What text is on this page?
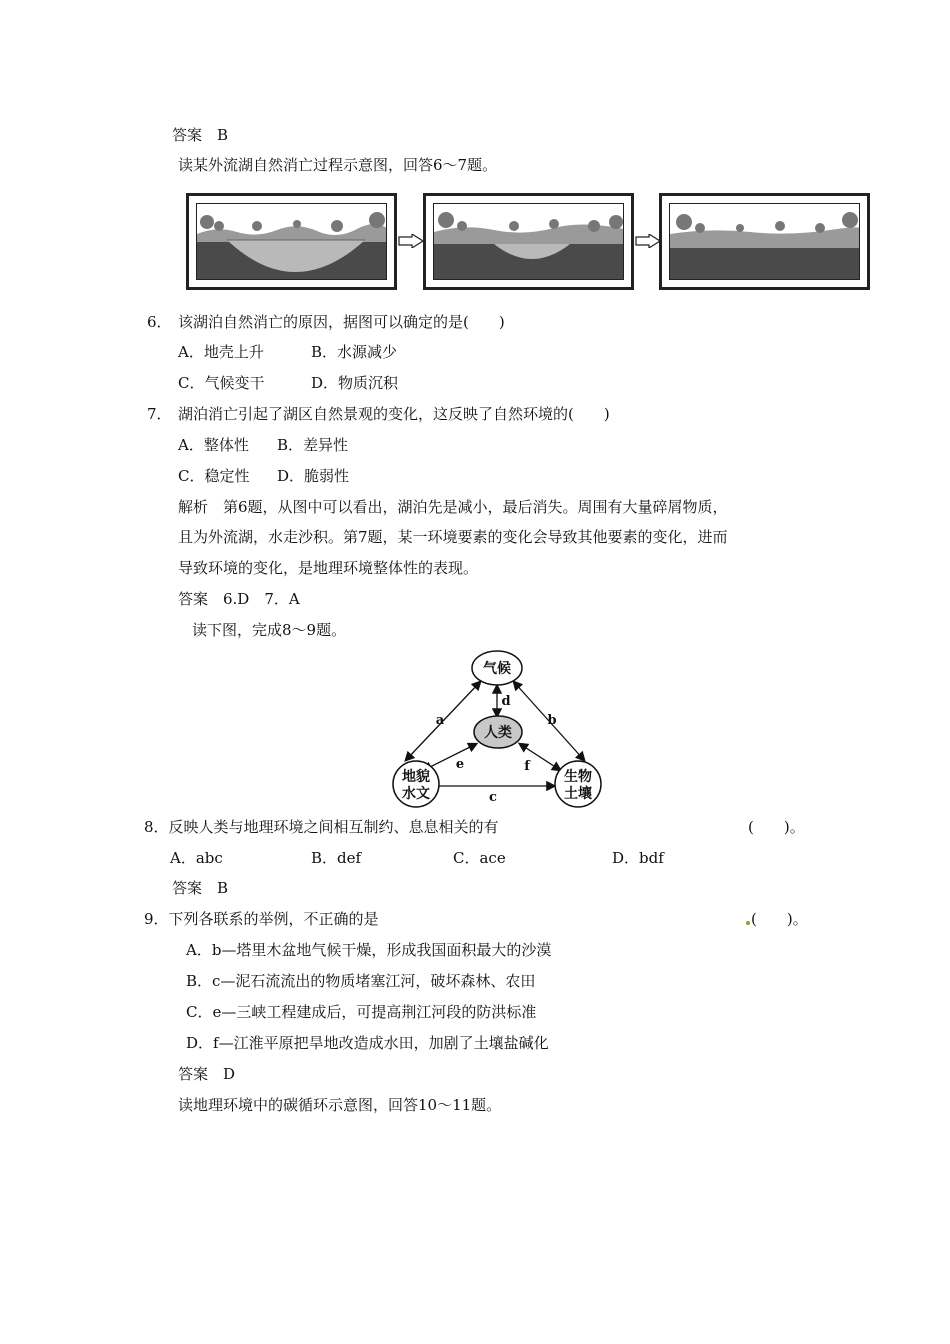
答案　B
读某外流湖自然消亡过程示意图，回答6～7题。
6． 该湖泊自然消亡的原因，据图可以确定的是(　　)
A．地壳上升	B．水源减少
C．气候变干	D．物质沉积
7． 湖泊消亡引起了湖区自然景观的变化，这反映了自然环境的(　　)
A．整体性 B．差异性
C．稳定性 D．脆弱性
解析　第6题，从图中可以看出，湖泊先是减小，最后消失。周围有大量碎屑物质，
且为外流湖，水走沙积。第7题，某一环境要素的变化会导致其他要素的变化，进而
导致环境的变化，是地理环境整体性的表现。
答案　6.D　7．A
读下图，完成8～9题。
气候
人类
地貌
水文
生物
土壤
a	b
c
d
e	f
8．反映人类与地理环境之间相互制约、息息相关的有	(　　)。
A．abc	B．def	C．ace	D．bdf
答案　B
9．下列各联系的举例，不正确的是	(　　)。
A．b—塔里木盆地气候干燥，形成我国面积最大的沙漠
B．c—泥石流流出的物质堵塞江河，破坏森林、农田
C．e—三峡工程建成后，可提高荆江河段的防洪标准
D．f—江淮平原把旱地改造成水田，加剧了土壤盐碱化
答案　D
读地理环境中的碳循环示意图，回答10～11题。
